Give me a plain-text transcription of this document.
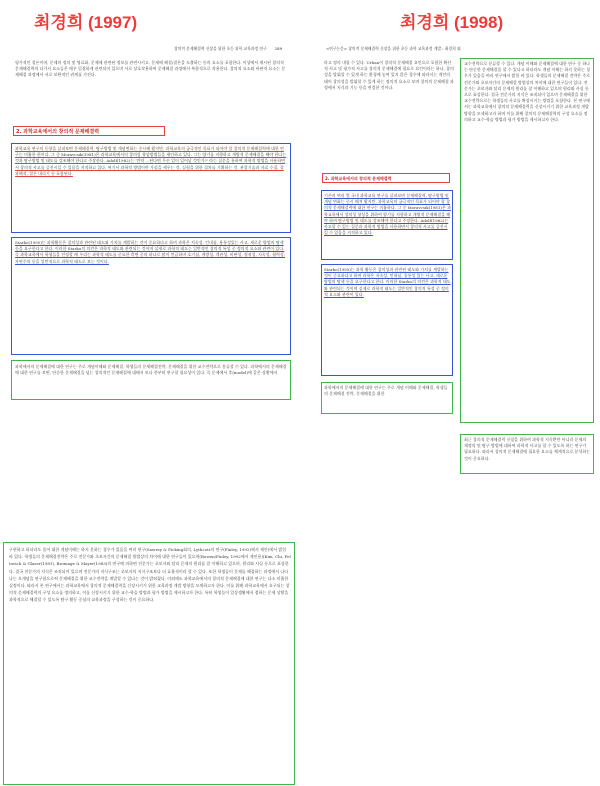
최경희 (1997)	최경희 (1998)
창의적 문제해결력 신장을 위한 초등 과학 교육과정 연구 189
평가적인 결론이며, 문제의 정의 및 명료화, 문제에 관련된 정보를 관련시키고, 문제에 해결/결론을 도출하는 등의 요소를 포함한다. 이상에서 제시된 창의적 문제해결력의 다가지 요소들은 매우 밀접하게 관련되어 있으며 서로 상호작용하여 문제해결 과정에서 복합적으로 작용한다. 창의적 요소와 비판적 요소는 문제해결 과정에서 서로 보완적인 관계를 가진다.
2. 과학교육에서의 창의적 문제해결력
과학교육 연구의 동향을 살펴보면 문제해결력, 탐구방법 및 개념변화는 중시해 왔지만, 과학교육의 궁극적인 목표가 되어야 할 창의적 문제해결력에 대한 연구는 미흡한 편이다. 그 중 Moravcsik(1981)은 과학교육에서의 창의성 향상방법들을 제안하고 있다. 그는 양기를 지향하고 개방적 문제해결을 해야 한다는 것과 탐구방법 및 태도를 강조해야 한다고 주장한다. Adolf(1982)는 '만약 ...된다면 무슨 일이 일어날 것인가?' 라는 질문을 통하여 과학적 방법을 사용하면서 창의적 사고를 증진시킬 수 있음을 지적하고 있다. 여기서 과학적 방법이란 가설을 세우는 것, 실험을 위한 절차를 기획하는 것, 관찰기술과 자료 수집, 결과해석, 결론 내리기 등 포함된다.
Starko(1995)는 과학활동은 창의성과 관련된 태도와 가치를 계발하는 것이 중요하다고 하며 과학은 지속성, 인내심, 용통성있는 사고, 새로운 방법의 탐색 등을 요구한다고 한다. 이러한 Starko의 의견은 과학적 태도와 관련되는 것이며 실제로 과학적 태도는 일반적인 창의적 특성 중 정의적 요소와 관련이 있다. 즉 과학교육에서 학생들을 인정할 때 우리는 과학적 태도를 중요한 측면 중의 하나로 많이 언급하며 호기심, 개방성, 객관성, 비판성, 정직성, 지속성, 협력성, 자연주의 등을 일반적으로 과학적 태도로 보는 것이다.
과학에서의 문제해결에 대한 연구는 주로 개념이해와 문제해결, 학생들의 문제해결전략, 문제해결을 위한 교수전략으로 분류할 수 있다. 과학에서의 문제해결에 대한 연구를 보면, 단순한 문제해결을 넘는 창의적인 문제해결에 대해서 보다 풍부히 연구할 필요성이 있다. 즉 문제에서 후(model)에 같은 상황에서
구현하고 하더라도 풀어 대한 개념이해는 하지 못하는 경우가 있음을 여러 연구(Sawrey & Picking회의, Lythcott의 연구(Finley, 1992)에서 제안)에서 밝힌 바 있다. 학생들의 문제해결전략은 주로 전문가와 초보자간의 문제해결 방법상의 차이에 대한 연구들이 있으며(Bowen/Finley, 1992에서 제인용)(Kim, Chi, Feltovich & Glaser(1981), Bromage & Mayer(1983)의 연구에 의하면 전문가는 초보자와 달리 문제의 원리를 잘 이해하고 있으며, 원리와 사실 등으로 표상한다. 결국 전문가의 지식은 조직되어 있으며 전문가의 지식구조는 초보자의 지식구조보다 더 효율적이라 할 수 있다. 또한 학생들이 문제를 해결하는 과정에서 나타나는 오개념을 연구함으로써 문제해결을 위한 교수전략을 계발할 수 있다는 것이 밝혀졌다. 이외에도 과학교육에서의 창의적 문제해결에 대한 연구는 다소 미흡한 실정이다. 따라서 본 연구에서는 과학교육에서 창의적 문제해결력을 신장시키기 위한 교육과정 개발 방향을 모색하고자 한다. 이를 위해 과학교육에서 요구되는 창의적 문제해결력의 구성 요소를 정의하고, 이를 신장시키기 위한 교수-학습 방법과 평가 방법을 제시하고자 한다. 특히 학생들이 일상생활에서 접하는 문제 상황을 과학적으로 해결할 수 있도록 탐구 활동 중심의 교육과정을 구성하는 것이 중요하다.
<연구논문> 창의적 문제해결력 신장을 위한 초등 과학 교육과정 개발 : 최경희 외
라고 정의 내릴 수 있다. Urban이 창의적 문제해결 요인으로 포함한 확산적 사고 및 평가적 사고를 창의적 문제해결에 필요로 요인이라는 하나, 창의성을 발휘할 수 있게 하는 환경에 놓여 있지 않은 경우에 따라서는 개인의 태어 창의성을 발휘할 수 있게 하는 정의적 요소로 보며 창의적 문제해결 과정에서 지식과 기능 등을 연결한 것이다.
2. 과학교육에서의 창의적 문제해결력
기존의 여러 몇 국내 과학교육 연구를 살펴보면 문제해결력, 탐구방법 및 개념 변화는 중시 해져 왔지만, 과학교육의 궁극적인 목표가 되어야 할 창의적 문제해결력에 대한 연구는 미흡하다. 그 중 Moravcsik(1981)은 과학교육에서 창의성 향상을 위하여 양기를 지향하고 개방적 문제해결을 해야 하며 탐구방법 및 태도를 강조해야 한다고 주장한다. Adolf(1982)는 사고할 수 있는 질문과 과학적 방법을 사용하면서 창의적 사고를 증진시킬 수 있음을 지적하고 있다.
Starko(1995)는 과학 활동은 창의성과 관련된 태도와 가치를 계발하는 것이 중요하다고 하며 과학은 지속성, 인내심, 융통성 있는 사고, 새로운 방법의 탐색 등을 요구한다고 한다. 이러한 Starko의 의견은 과학적 태도와 관련되는 것이며 실제로 과학적 태도는 일반적인 창의적 특성 중 정의적 요소와 관련이 있다.
과학에서의 문제해결에 대한 연구는 주로 개념 이해와 문제해결, 학생들의 문제해결 전략, 문제해결을 위한
교수전략으로 분류할 수 있다. 개념 이해와 문제해결에 대한 연구 중 하나는 단순한 문제해결을 할 수 있다고 하더라도 개념 이해는 하지 못하는 경우가 있음을 여러 연구에서 밝힌 바 있다. 학생들의 문제해결 전략은 주로 전문가와 초보자간의 문제해결 방법상의 차이에 대한 연구들이 있다. 전문가는 초보자와 달리 문제의 원리를 잘 이해하고 있으며 원리와 사실 등으로 표상한다. 결국 전문가의 지식은 조직되어 있으며 문제해결을 위한 교수전략으로는 학생들의 사고를 확장시키는 방법을 포함한다. 본 연구에서는 과학교육에서 창의적 문제해결력을 신장시키기 위한 교육과정 개발 방향을 모색하고자 하며 이를 위해 창의적 문제해결력의 구성 요소를 정의하고 교수-학습 방법과 평가 방법을 제시하고자 한다.
최근 창의적 문제해결력 신장을 위하여 과학적 지식뿐만 아니라 문제의 재정의 및 탐구 방법에 대하여 과학적 사고를 할 수 있도록 하는 연구가 필요하다. 따라서 창의적 문제해결에 필요한 요소를 체계적으로 분석하는 것이 중요하다.
